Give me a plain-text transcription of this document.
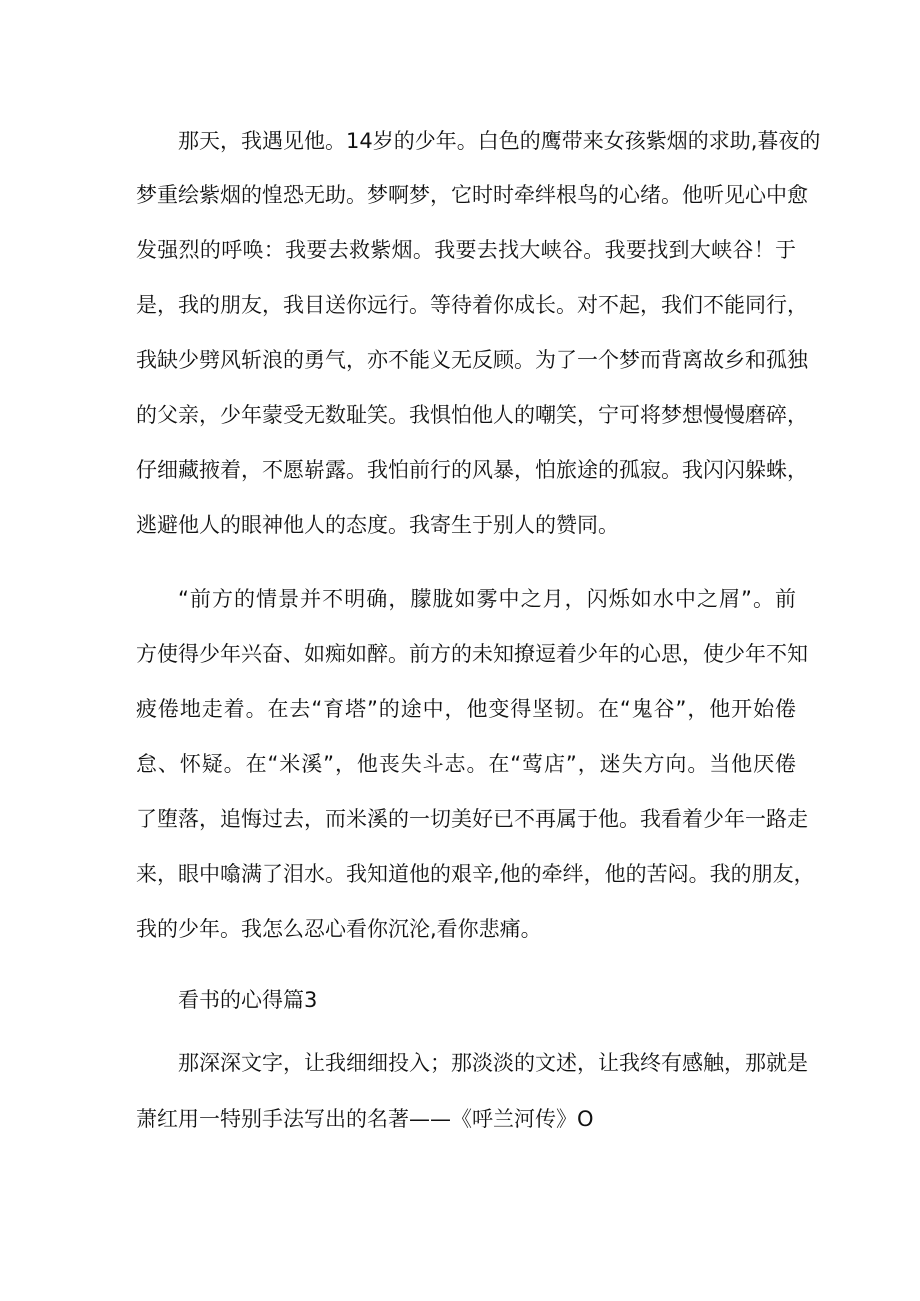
那天，我遇见他。14岁的少年。白色的鹰带来女孩紫烟的求助,暮夜的
梦重绘紫烟的惶恐无助。梦啊梦，它时时牵绊根鸟的心绪。他听见心中愈
发强烈的呼唤：我要去救紫烟。我要去找大峡谷。我要找到大峡谷！于
是，我的朋友，我目送你远行。等待着你成长。对不起，我们不能同行，
我缺少劈风斩浪的勇气，亦不能义无反顾。为了一个梦而背离故乡和孤独
的父亲，少年蒙受无数耻笑。我惧怕他人的嘲笑，宁可将梦想慢慢磨碎，
仔细藏掖着，不愿崭露。我怕前行的风暴，怕旅途的孤寂。我闪闪躲蛛，
逃避他人的眼神他人的态度。我寄生于别人的赞同。
“前方的情景并不明确，朦胧如雾中之月，闪烁如水中之屑”。前
方使得少年兴奋、如痴如醉。前方的未知撩逗着少年的心思，使少年不知
疲倦地走着。在去“育塔”的途中，他变得坚韧。在“鬼谷”，他开始倦
怠、怀疑。在“米溪”，他丧失斗志。在“莺店”，迷失方向。当他厌倦
了堕落，追悔过去，而米溪的一切美好已不再属于他。我看着少年一路走
来，眼中噏满了泪水。我知道他的艰辛,他的牵绊，他的苦闷。我的朋友，
我的少年。我怎么忍心看你沉沦,看你悲痛。
看书的心得篇3
那深深文字，让我细细投入；那淡淡的文述，让我终有感触，那就是
萧红用一特别手法写出的名著——《呼兰河传》O
